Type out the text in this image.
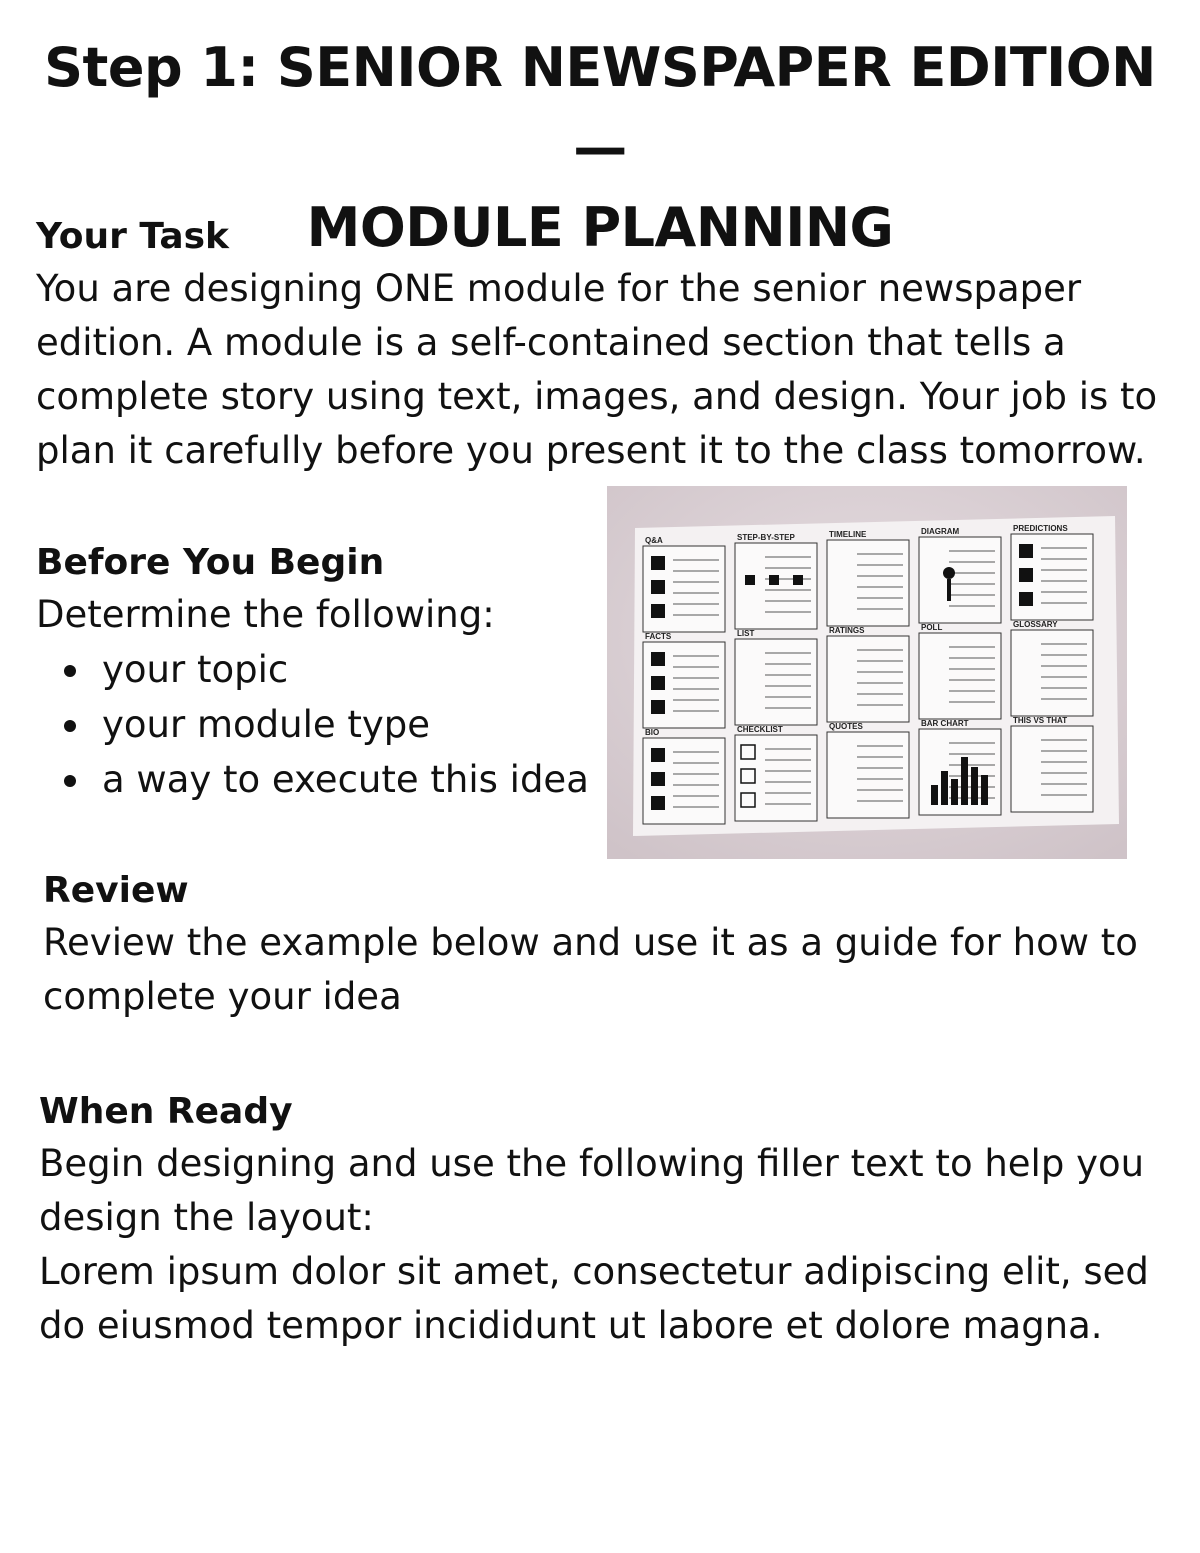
Step 1: SENIOR NEWSPAPER EDITION —
MODULE PLANNING
Your Task

You are designing ONE module for the senior newspaper

edition. A module is a self-contained section that tells a

complete story using text, images, and design. Your job is to

plan it carefully before you present it to the class tomorrow.

Before You Begin

Determine the following:

your topic
your module type
a way to execute this idea
Q&A	STEP-BY-STEP	TIMELINE	DIAGRAM	PREDICTIONS
FACTS	LIST	RATINGS	POLL	GLOSSARY
BIO	CHECKLIST	QUOTES	BAR CHART	THIS VS THAT
Review

Review the example below and use it as a guide for how to

complete your idea

When Ready

Begin designing and use the following filler text to help you

design the layout:

Lorem ipsum dolor sit amet, consectetur adipiscing elit, sed

do eiusmod tempor incididunt ut labore et dolore magna.
